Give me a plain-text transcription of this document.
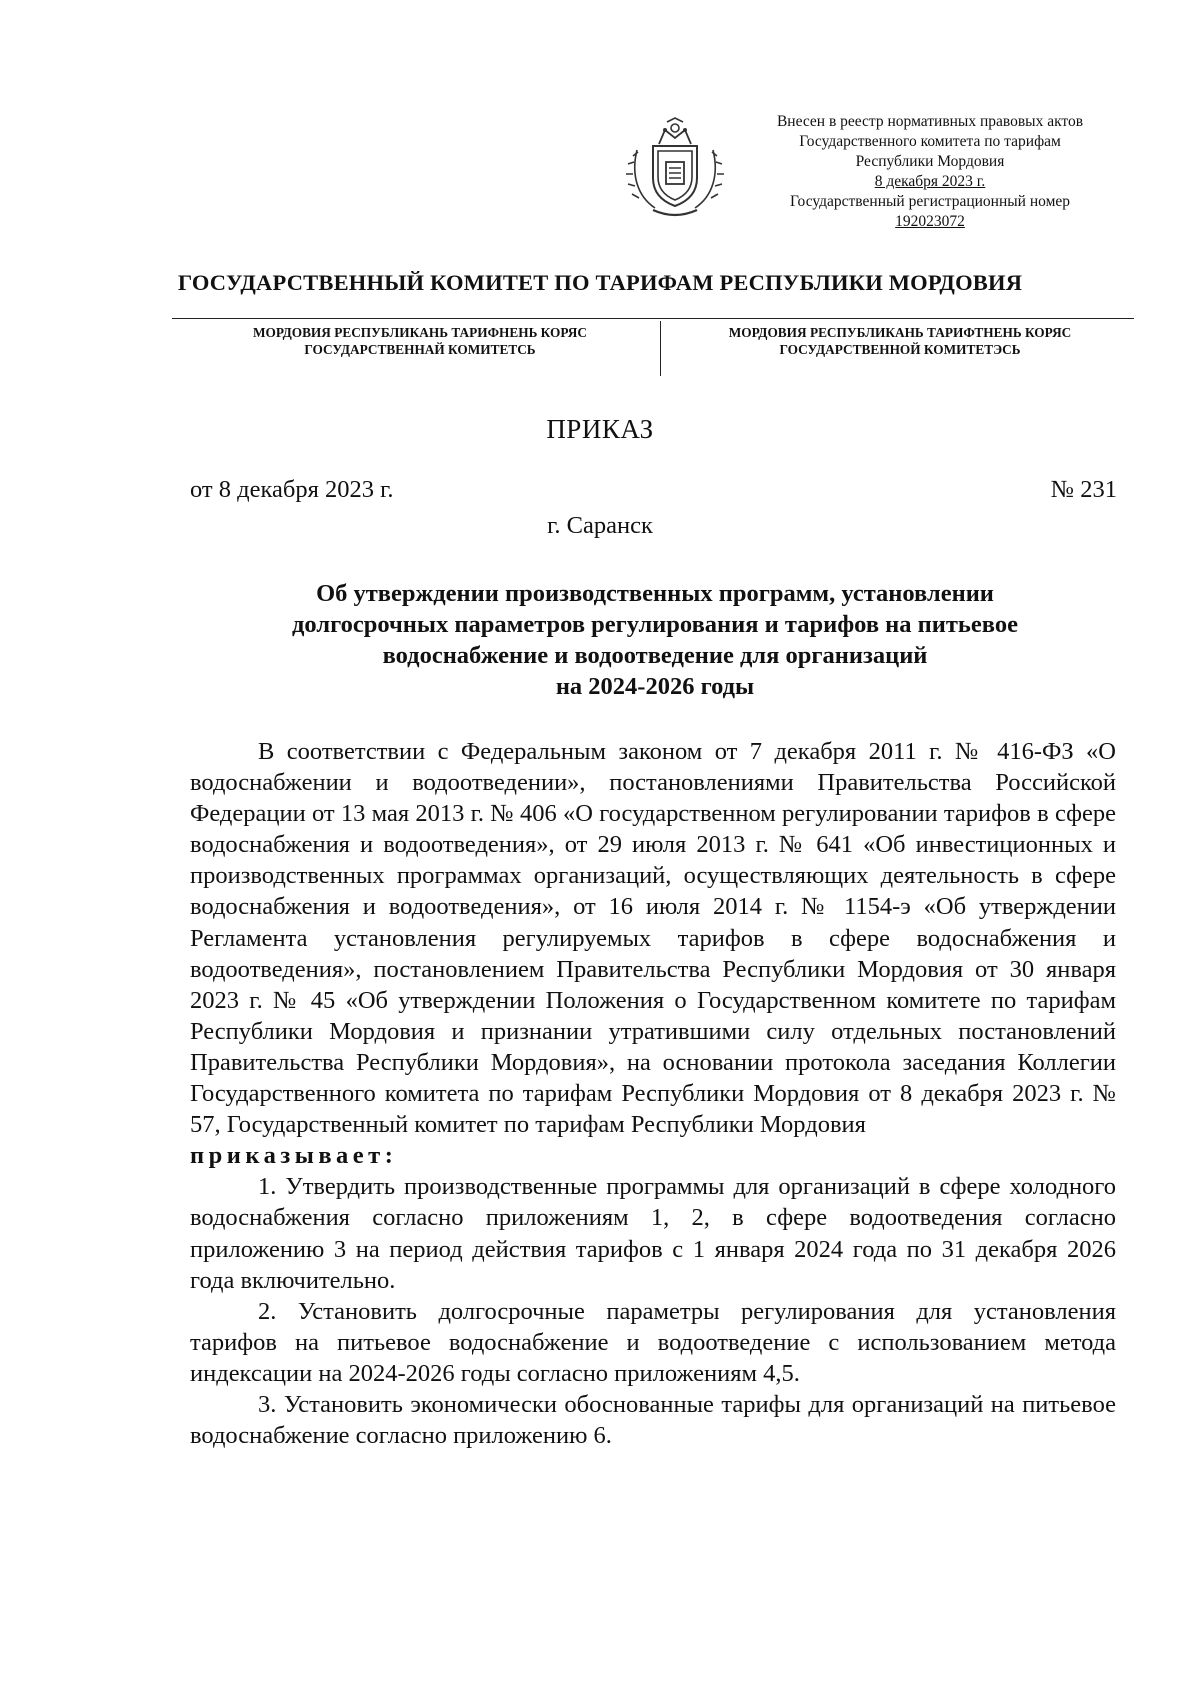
Внесен в реестр нормативных правовых актов
Государственного комитета по тарифам
Республики Мордовия
8 декабря 2023 г.
Государственный регистрационный номер
192023072
ГОСУДАРСТВЕННЫЙ КОМИТЕТ ПО ТАРИФАМ РЕСПУБЛИКИ МОРДОВИЯ
МОРДОВИЯ РЕСПУБЛИКАНЬ ТАРИФНЕНЬ КОРЯС
ГОСУДАРСТВЕННАЙ КОМИТЕТСЬ
МОРДОВИЯ РЕСПУБЛИКАНЬ ТАРИФТНЕНЬ КОРЯС
ГОСУДАРСТВЕННОЙ КОМИТЕТЭСЬ
ПРИКАЗ
от 8 декабря 2023 г.	№ 231
г. Саранск
Об утверждении производственных программ, установлении
долгосрочных параметров регулирования и тарифов на питьевое
водоснабжение и водоотведение для организаций
на 2024-2026 годы

В соответствии с Федеральным законом от 7 декабря 2011 г. № 416-ФЗ «О водоснабжении и водоотведении», постановлениями Правительства Российской Федерации от 13 мая 2013 г. № 406 «О государственном регулировании тарифов в сфере водоснабжения и водоотведения», от 29 июля 2013 г. № 641 «Об инвестиционных и производственных программах организаций, осуществляющих деятельность в сфере водоснабжения и водоотведения», от 16 июля 2014 г. № 1154-э «Об утверждении Регламента установления регулируемых тарифов в сфере водоснабжения и водоотведения», постановлением Правительства Республики Мордовия от 30 января 2023 г. № 45 «Об утверждении Положения о Государственном комитете по тарифам Республики Мордовия и признании утратившими силу отдельных постановлений Правительства Республики Мордовия», на основании протокола заседания Коллегии Государственного комитета по тарифам Республики Мордовия от 8 декабря 2023 г. № 57, Государственный комитет по тарифам Республики Мордовия

приказывает:

1. Утвердить производственные программы для организаций в сфере холодного водоснабжения согласно приложениям 1, 2, в сфере водоотведения согласно приложению 3 на период действия тарифов с 1 января 2024 года по 31 декабря 2026 года включительно.

2. Установить долгосрочные параметры регулирования для установления тарифов на питьевое водоснабжение и водоотведение с использованием метода индексации на 2024-2026 годы согласно приложениям 4,5.

3. Установить экономически обоснованные тарифы для организаций на питьевое водоснабжение согласно приложению 6.
